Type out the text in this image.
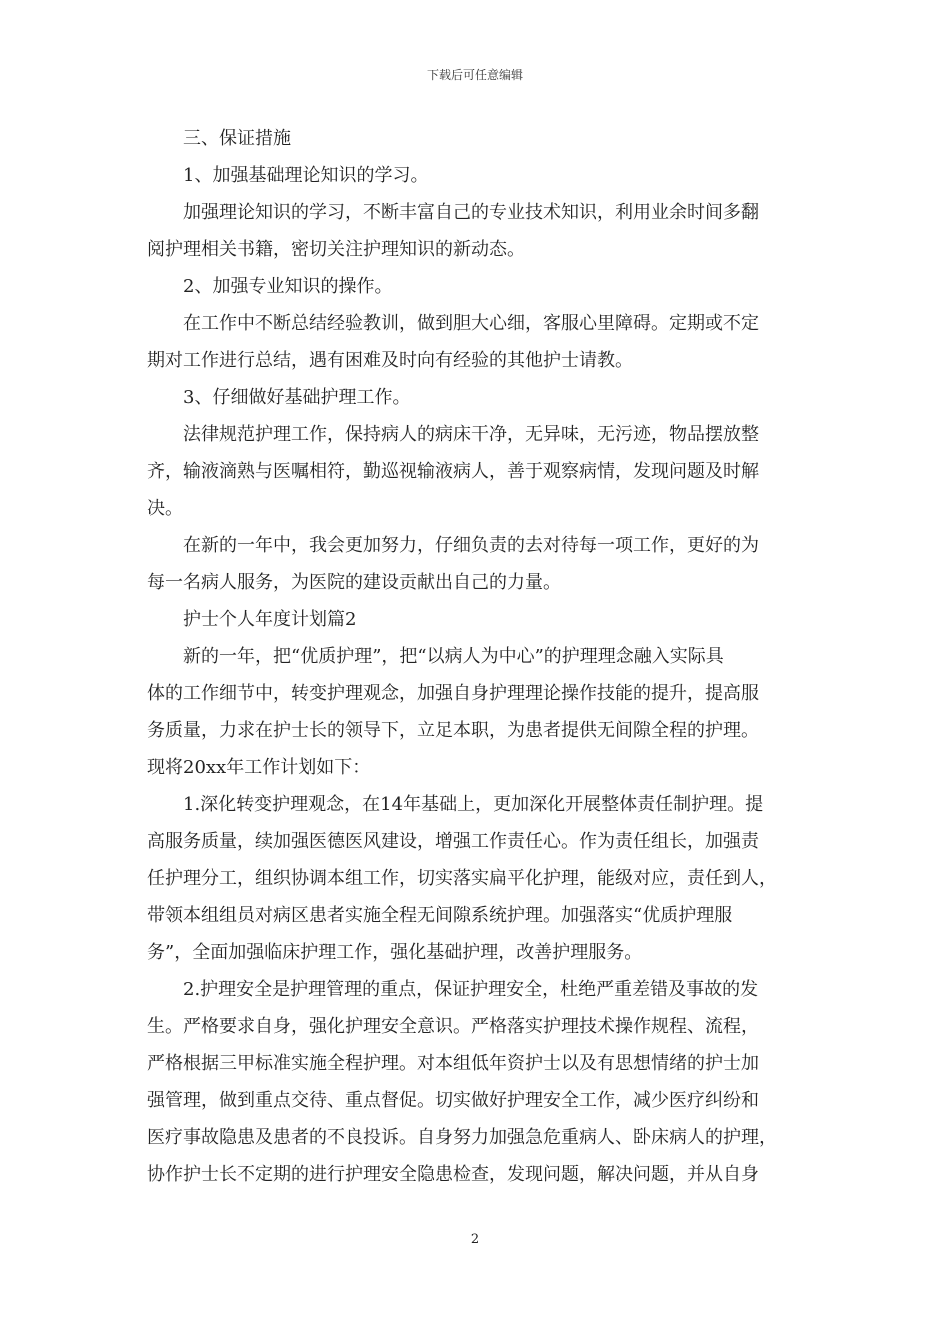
下载后可任意编辑
三、保证措施
1、加强基础理论知识的学习。
加强理论知识的学习，不断丰富自己的专业技术知识，利用业余时间多翻
阅护理相关书籍，密切关注护理知识的新动态。
2、加强专业知识的操作。
在工作中不断总结经验教训，做到胆大心细，客服心里障碍。定期或不定
期对工作进行总结，遇有困难及时向有经验的其他护士请教。
3、仔细做好基础护理工作。
法律规范护理工作，保持病人的病床干净，无异味，无污迹，物品摆放整
齐，输液滴熟与医嘱相符，勤巡视输液病人，善于观察病情，发现问题及时解
决。
在新的一年中，我会更加努力，仔细负责的去对待每一项工作，更好的为
每一名病人服务，为医院的建设贡献出自己的力量。
护士个人年度计划篇2
新的一年，把“优质护理”，把“以病人为中心”的护理理念融入实际具
体的工作细节中，转变护理观念，加强自身护理理论操作技能的提升，提高服
务质量，力求在护士长的领导下，立足本职，为患者提供无间隙全程的护理。
现将20xx年工作计划如下：
1.深化转变护理观念，在14年基础上，更加深化开展整体责任制护理。提
高服务质量，续加强医德医风建设，增强工作责任心。作为责任组长，加强责
任护理分工，组织协调本组工作，切实落实扁平化护理，能级对应，责任到人，
带领本组组员对病区患者实施全程无间隙系统护理。加强落实“优质护理服
务”，全面加强临床护理工作，强化基础护理，改善护理服务。
2.护理安全是护理管理的重点，保证护理安全，杜绝严重差错及事故的发
生。严格要求自身，强化护理安全意识。严格落实护理技术操作规程、流程，
严格根据三甲标准实施全程护理。对本组低年资护士以及有思想情绪的护士加
强管理，做到重点交待、重点督促。切实做好护理安全工作，减少医疗纠纷和
医疗事故隐患及患者的不良投诉。自身努力加强急危重病人、卧床病人的护理，
协作护士长不定期的进行护理安全隐患检查，发现问题，解决问题，并从自身
2
